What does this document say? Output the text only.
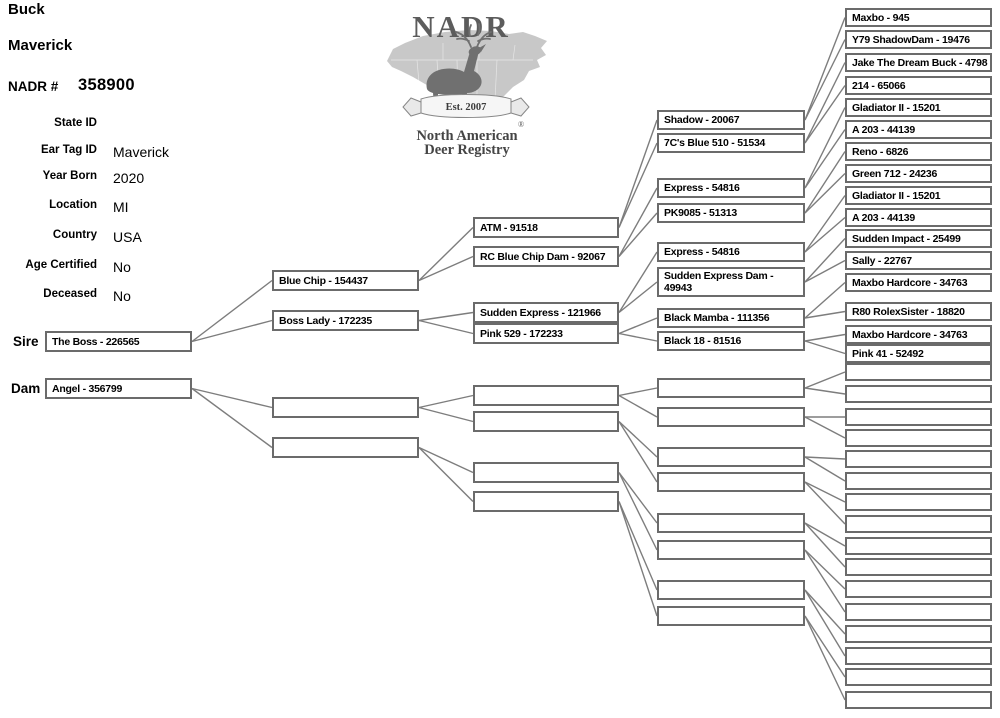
Buck
Maverick
NADR # 358900
State ID
Ear Tag ID Maverick
Year Born 2020
Location MI
Country USA
Age Certified No
Deceased No
NADR
Est. 2007
®
North American
Deer Registry
Sire
Dam
The Boss - 226565
Angel - 356799
Blue Chip - 154437
Boss Lady - 172235
ATM - 91518
RC Blue Chip Dam - 92067
Sudden Express - 121966
Pink 529 - 172233
Shadow - 20067
7C's Blue 510 - 51534
Express - 54816
PK9085 - 51313
Express - 54816
Sudden Express Dam - 49943
Black Mamba - 111356
Black 18 - 81516
Maxbo - 945
Y79 ShadowDam - 19476
Jake The Dream Buck - 4798
214 - 65066
Gladiator II - 15201
A 203 - 44139
Reno - 6826
Green 712 - 24236
Gladiator II - 15201
A 203 - 44139
Sudden Impact - 25499
Sally - 22767
Maxbo Hardcore - 34763
R80 RolexSister - 18820
Maxbo Hardcore - 34763
Pink 41 - 52492
